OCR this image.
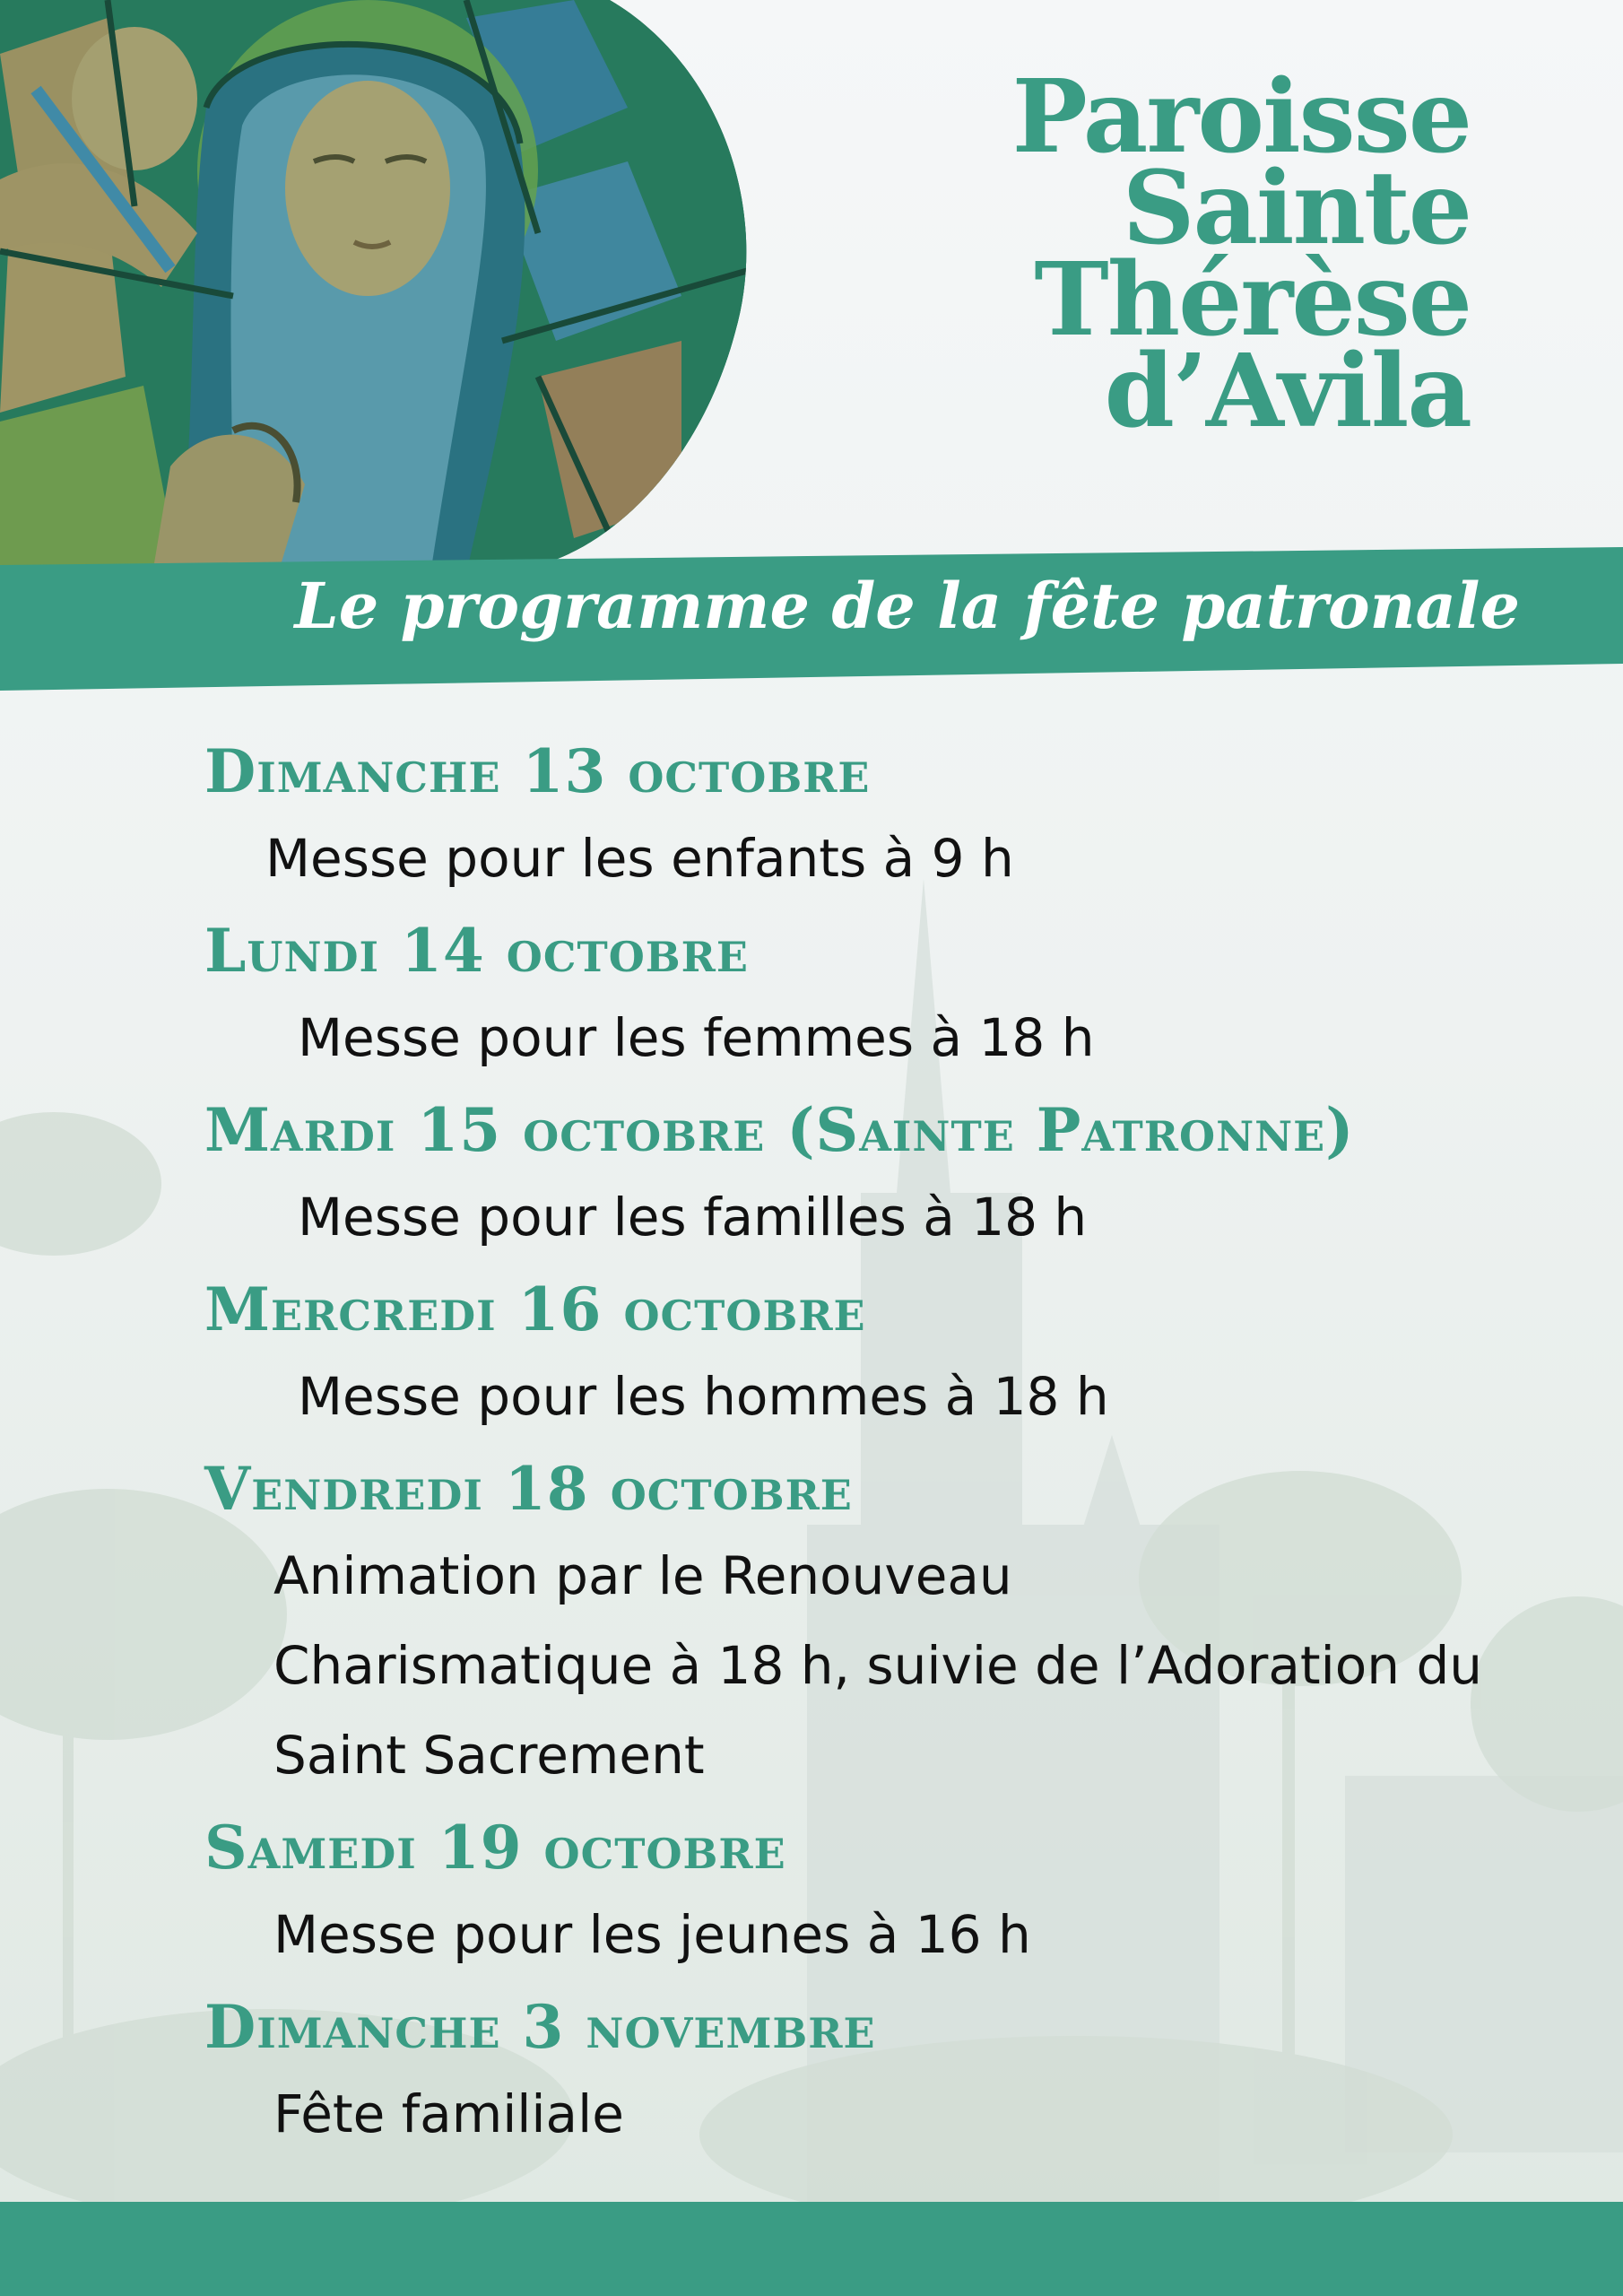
Paroisse
Sainte
Thérèse
d’Avila
Le programme de la fête patronale
Dimanche 13 octobre
Messe pour les enfants à 9 h
Lundi 14 octobre
Messe pour les femmes à 18 h
Mardi 15 octobre (Sainte Patronne)
Messe pour les familles à 18 h
Mercredi 16 octobre
Messe pour les hommes à 18 h
Vendredi 18 octobre
Animation par le Renouveau
Charismatique à 18 h, suivie de l’Adoration du
Saint Sacrement
Samedi 19 octobre
Messe pour les jeunes à 16 h
Dimanche 3 novembre
Fête familiale
